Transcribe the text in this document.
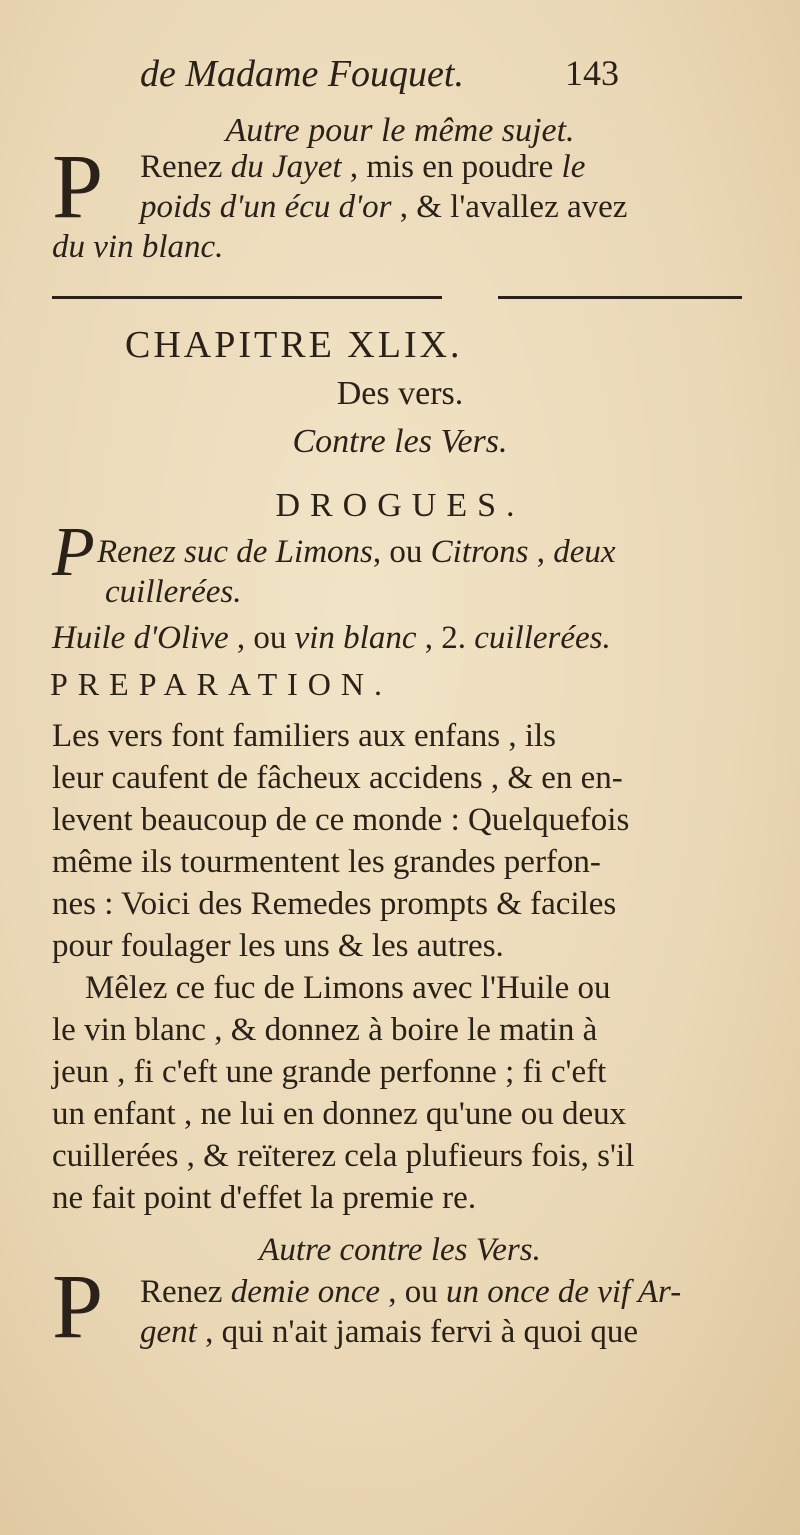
de Madame Fouquet.	143
Autre pour le même sujet.
P Renez du Jayet , mis en poudre le
poids d'un écu d'or , & l'avallez avez
du vin blanc.
CHAPITRE XLIX.
Des vers.
Contre les Vers.
DROGUES.
P Renez suc de Limons, ou Citrons , deux
cuillerées.
Huile d'Olive , ou vin blanc , 2. cuillerées.
PREPARATION.
Les vers font familiers aux enfans , ils
leur caufent de fâcheux accidens , & en en-
levent beaucoup de ce monde : Quelquefois
même ils tourmentent les grandes perfon-
nes : Voici des Remedes prompts & faciles
pour foulager les uns & les autres.
Mêlez ce fuc de Limons avec l'Huile ou
le vin blanc , & donnez à boire le matin à
jeun , fi c'eft une grande perfonne ; fi c'eft
un enfant , ne lui en donnez qu'une ou deux
cuillerées , & reïterez cela plufieurs fois, s'il
ne fait point d'effet la premie re.
Autre contre les Vers.
P Renez demie once , ou un once de vif Ar-
gent , qui n'ait jamais fervi à quoi que
